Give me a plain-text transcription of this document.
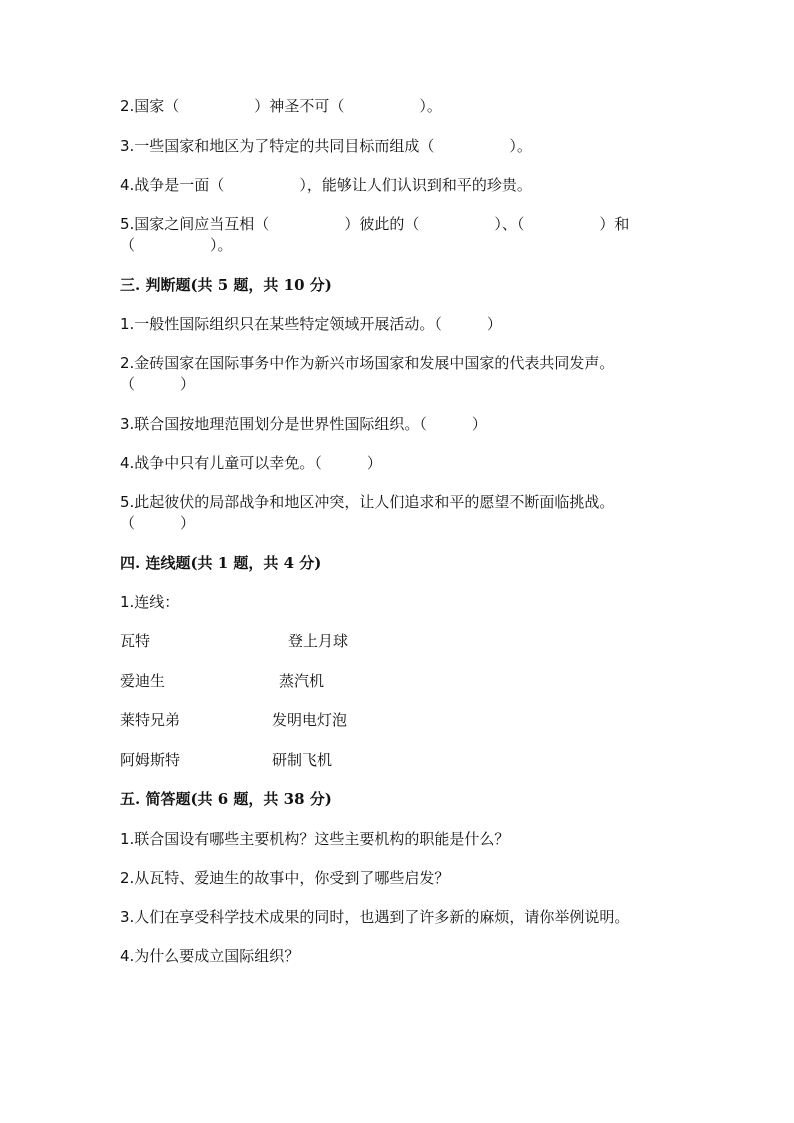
2.国家（　　　　　）神圣不可（　　　　　）。
3.一些国家和地区为了特定的共同目标而组成（　　　　　）。
4.战争是一面（　　　　　），能够让人们认识到和平的珍贵。
5.国家之间应当互相（　　　　　）彼此的（　　　　　）、（　　　　　）和
（　　　　　）。
三. 判断题(共 5 题，共 10 分)
1.一般性国际组织只在某些特定领域开展活动。（　　　）
2.金砖国家在国际事务中作为新兴市场国家和发展中国家的代表共同发声。
（　　　）
3.联合国按地理范围划分是世界性国际组织。（　　　）
4.战争中只有儿童可以幸免。（　　　）
5.此起彼伏的局部战争和地区冲突，让人们追求和平的愿望不断面临挑战。
（　　　）
四. 连线题(共 1 题，共 4 分)
1.连线：
瓦特	登上月球
爱迪生	蒸汽机
莱特兄弟	发明电灯泡
阿姆斯特	研制飞机
五. 简答题(共 6 题，共 38 分)
1.联合国设有哪些主要机构？这些主要机构的职能是什么？
2.从瓦特、爱迪生的故事中，你受到了哪些启发？
3.人们在享受科学技术成果的同时，也遇到了许多新的麻烦，请你举例说明。
4.为什么要成立国际组织？
